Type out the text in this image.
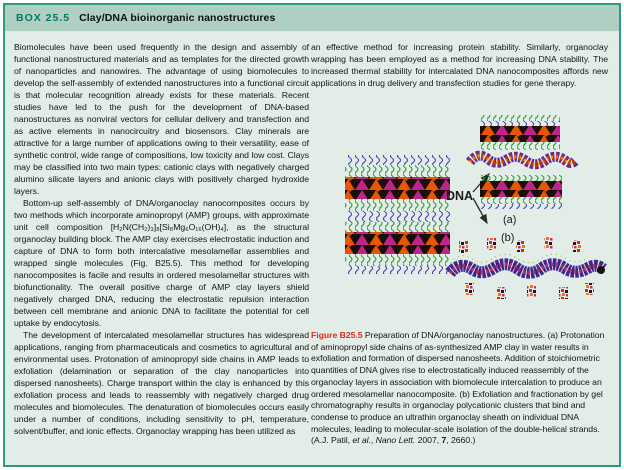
BOX 25.5 Clay/DNA bioinorganic nanostructures

Biomolecules have been used frequently in the design and assembly of functional nanostructured materials and as templates for the directed growth of nanoparticles and nanowires. The advantage of using biomolecules to develop the self-assembly of extended nanostructures into a functional circuit is that molecular recognition already exists for these materials. Recent studies have led to the push for the development of DNA-based nanostructures as nonviral vectors for cellular delivery and transfection and as active elements in nanocircuitry and biosensors. Clay minerals are attractive for a large number of applications owing to their versatility, ease of synthetic control, wide range of compositions, low toxicity and low cost. Clays may be classified into two main types: cationic clays with negatively charged alumino silicate layers and anionic clays with positively charged hydroxide layers.

Bottom-up self-assembly of DNA/organoclay nanocomposites occurs by two methods which incorporate aminopropyl (AMP) groups, with approximate unit cell composition [H₂N(CH₂)₃]₈[Si₈Mg₆O₁₆(OH)₄], as the structural organoclay building block. The AMP clay exercises electrostatic induction and capture of DNA to form both intercalative mesolamellar assemblies and wrapped single molecules (Fig. B25.5). This method for developing nanocomposites is facile and results in ordered mesolamellar structures with biofunctionality. The overall positive charge of AMP clay layers shield negatively charged DNA, reducing the electrostatic repulsion interaction between cell membrane and anionic DNA to facilitate the potential for cell uptake by endocytosis.

The development of intercalated mesolamellar structures has widespread applications, ranging from pharmaceuticals and cosmetics to agricultural and environmental uses. Protonation of aminopropyl side chains in AMP leads to exfoliation (delamination or separation of the clay nanoparticles into dispersed nanosheets). Charge transport within the clay is enhanced by this exfoliation process and leads to reassembly with negatively charged drug molecules and biomolecules. The denaturation of biomolecules occurs easily under a number of conditions, including sensitivity to pH, temperature, solvent/buffer, and ionic effects. Organoclay wrapping has been utilized as

an effective method for increasing protein stability. Similarly, organoclay wrapping has been employed as a method for increasing DNA stability. The increased thermal stability for intercalated DNA nanocomposites affords new applications in drug delivery and transfection studies for gene therapy.

DNA
(a)
(b)
Figure B25.5 Preparation of DNA/organoclay nanostructures. (a) Protonation of aminopropyl side chains of as-synthesized AMP clay in water results in exfoliation and formation of dispersed nanosheets. Addition of stoichiometric quantities of DNA gives rise to electrostatically induced reassembly of the organoclay layers in association with biomolecule intercalation to produce an ordered mesolamellar nanocomposite. (b) Exfoliation and fractionation by gel chromatography results in organoclay polycationic clusters that bind and condense to produce an ultrathin organoclay sheath on individual DNA molecules, leading to molecular-scale isolation of the double-helical strands.
(A.J. Patil, et al., Nano Lett. 2007, 7, 2660.)
